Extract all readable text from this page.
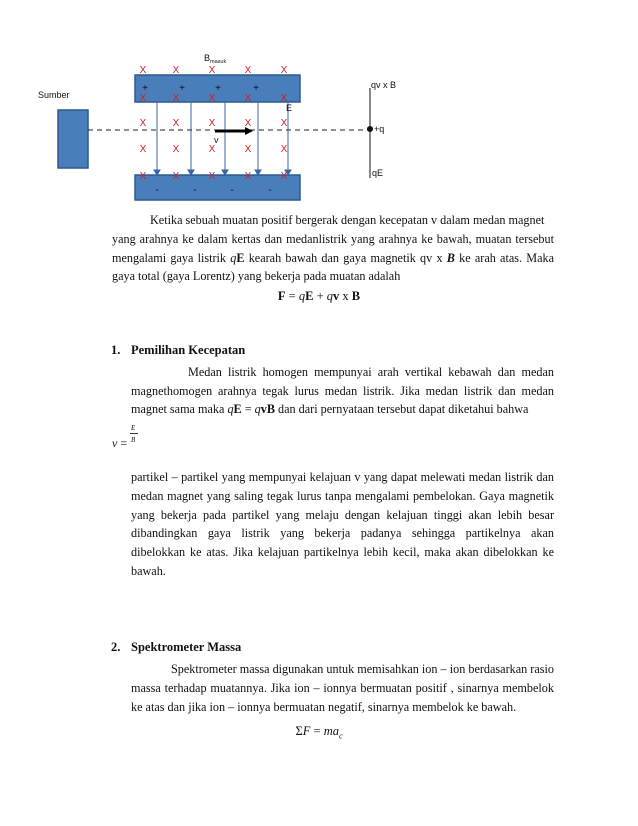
X	X	X	X	X
X	X	X	X	X
X	X	X	X	X
X	X	X	X	X
X	X	X	X	X
+	+	+	+
-	-	-	-
$B_{masuk}$
Sumber
E
v
qv x B
+q
qE
Ketika sebuah muatan positif bergerak dengan kecepatan v dalam medan magnet
yang arahnya ke dalam kertas dan medanlistrik yang arahnya ke bawah, muatan tersebut
mengalami gaya listrik qE kearah bawah dan gaya magnetik qv x B ke arah atas. Maka
gaya total (gaya Lorentz) yang bekerja pada muatan adalah
F = qE + qv x B
1. Pemilihan Kecepatan
Medan listrik homogen mempunyai arah vertikal kebawah dan medan
magnethomogen arahnya tegak lurus medan listrik. Jika medan listrik dan medan
magnet sama maka qE = qvB dan dari pernyataan tersebut dapat diketahui bahwa
v =
E
B
partikel – partikel yang mempunyai kelajuan v yang dapat melewati medan listrik dan
medan magnet yang saling tegak lurus tanpa mengalami pembelokan. Gaya magnetik
yang bekerja pada partikel yang melaju dengan kelajuan tinggi akan lebih besar
dibandingkan gaya listrik yang bekerja padanya sehingga partikelnya akan
dibelokkan ke atas. Jika kelajuan partikelnya lebih kecil, maka akan dibelokkan ke
bawah.
2. Spektrometer Massa
Spektrometer massa digunakan untuk memisahkan ion – ion berdasarkan rasio
massa terhadap muatannya. Jika ion – ionnya bermuatan positif , sinarnya membelok
ke atas dan jika ion – ionnya bermuatan negatif, sinarnya membelok ke bawah.
$\Sigma F = ma_c$
